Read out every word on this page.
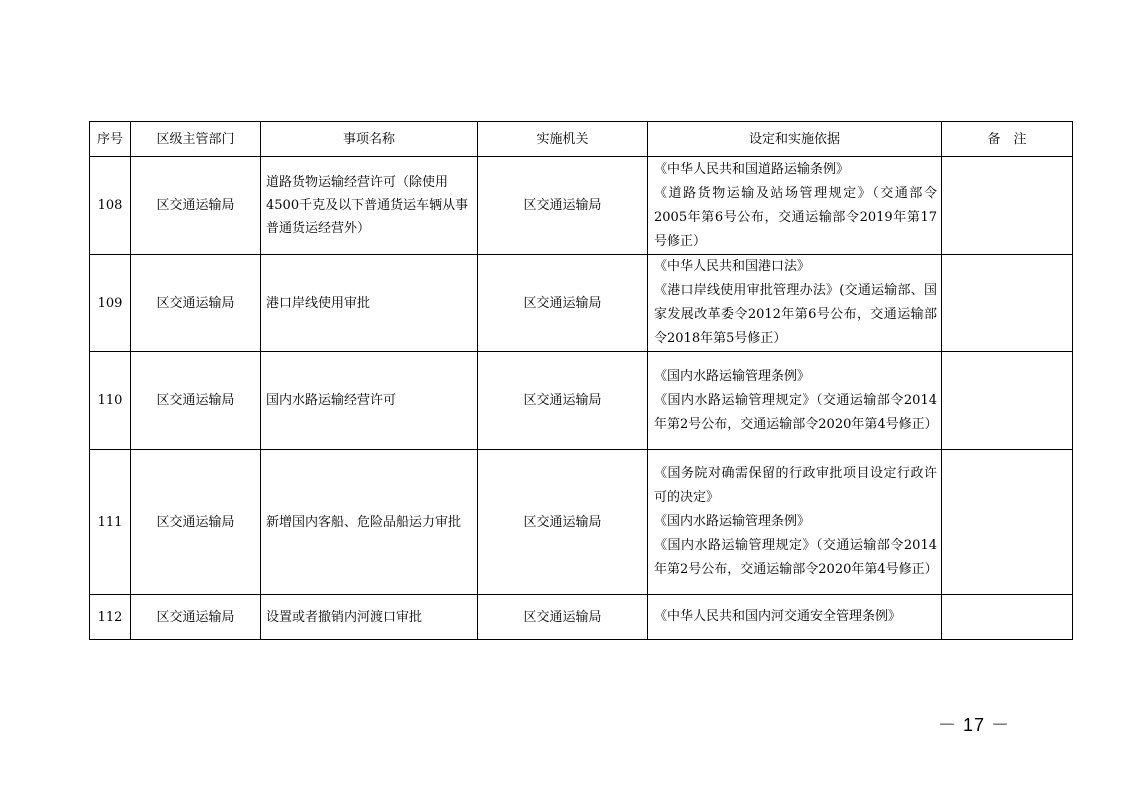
序号	区级主管部门	事项名称	实施机关	设定和实施依据	备　注
108	区交通运输局	道路货物运输经营许可（除使用4500千克及以下普通货运车辆从事普通货运经营外）	区交通运输局	《中华人民共和国道路运输条例》
《道路货物运输及站场管理规定》（交通部令2005年第6号公布，交通运输部令2019年第17号修正）	

109	区交通运输局	港口岸线使用审批	区交通运输局	《中华人民共和国港口法》
《港口岸线使用审批管理办法》(交通运输部、国家发展改革委令2012年第6号公布，交通运输部令2018年第5号修正）	

110	区交通运输局	国内水路运输经营许可	区交通运输局	《国内水路运输管理条例》
《国内水路运输管理规定》（交通运输部令2014年第2号公布，交通运输部令2020年第4号修正）	

111	区交通运输局	新增国内客船、危险品船运力审批	区交通运输局	《国务院对确需保留的行政审批项目设定行政许可的决定》
《国内水路运输管理条例》
《国内水路运输管理规定》（交通运输部令2014年第2号公布，交通运输部令2020年第4号修正）	

112	区交通运输局	设置或者撤销内河渡口审批	区交通运输局	《中华人民共和国内河交通安全管理条例》	

－ 17 －
